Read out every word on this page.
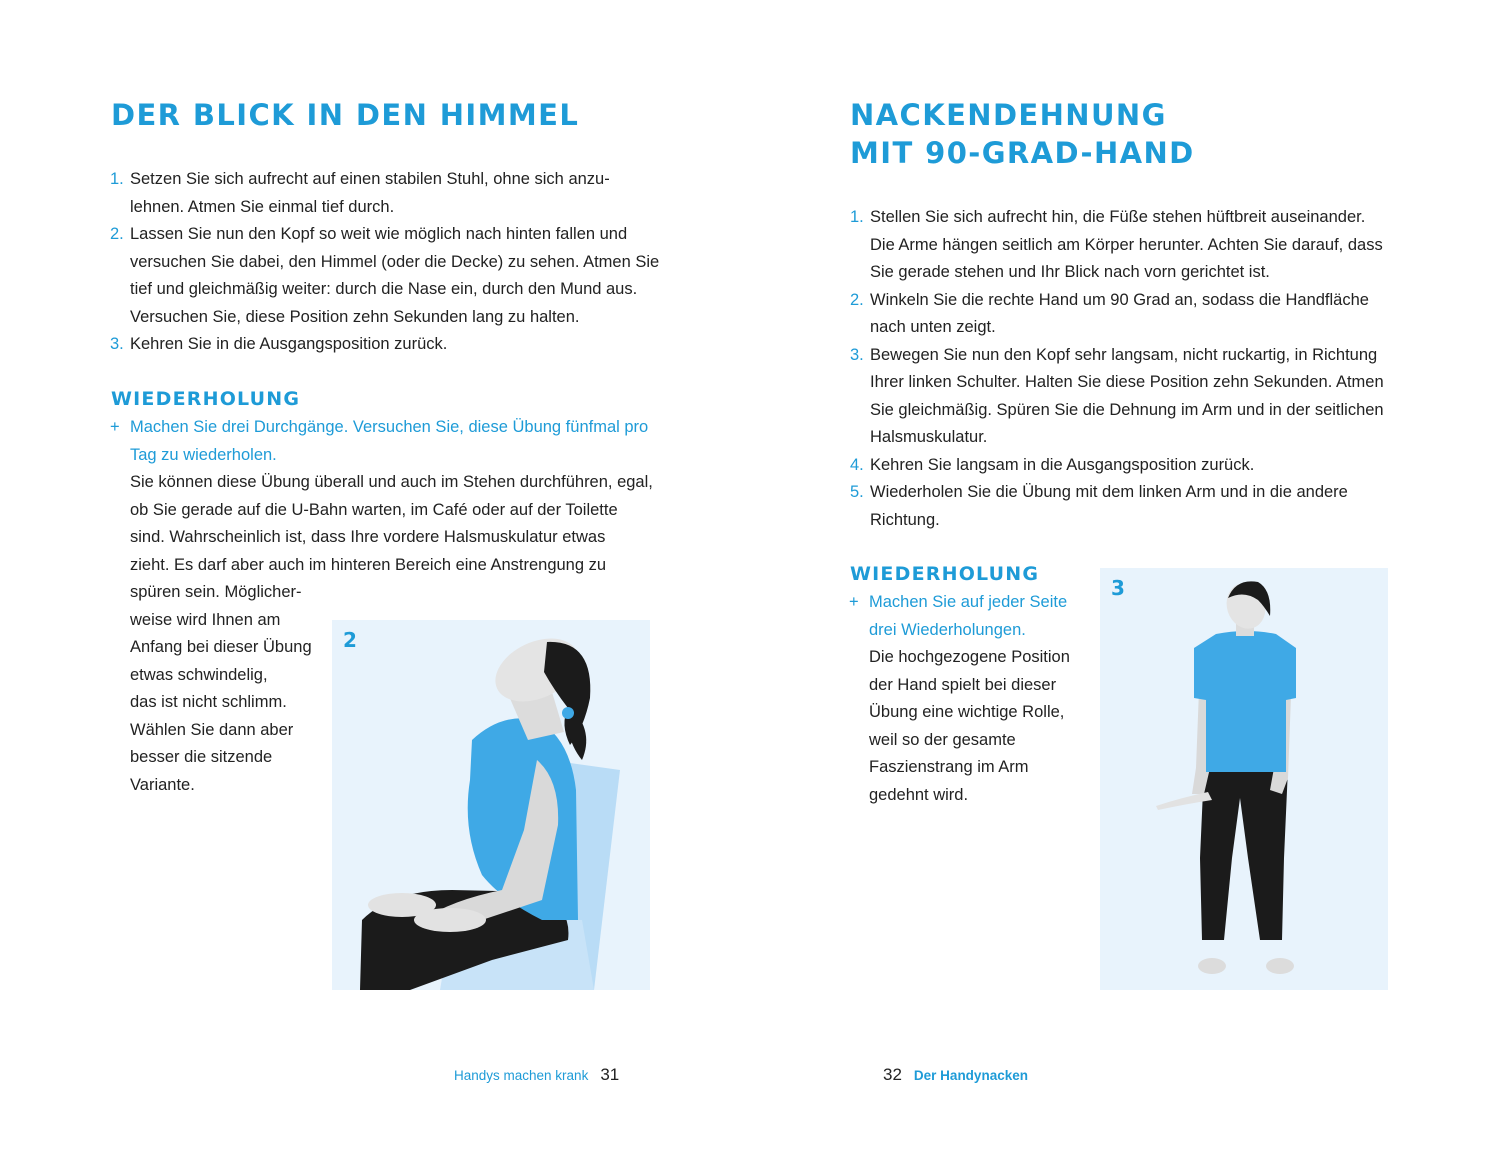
DER BLICK IN DEN HIMMEL
1. Setzen Sie sich aufrecht auf einen stabilen Stuhl, ohne sich anzu-
lehnen. Atmen Sie einmal tief durch.
2. Lassen Sie nun den Kopf so weit wie möglich nach hinten fallen und
versuchen Sie dabei, den Himmel (oder die Decke) zu sehen. Atmen Sie
tief und gleichmäßig weiter: durch die Nase ein, durch den Mund aus.
Versuchen Sie, diese Position zehn Sekunden lang zu halten.
3. Kehren Sie in die Ausgangsposition zurück.
WIEDERHOLUNG
+ Machen Sie drei Durchgänge. Versuchen Sie, diese Übung fünfmal pro
Tag zu wiederholen.
Sie können diese Übung überall und auch im Stehen durchführen, egal,
ob Sie gerade auf die U-Bahn warten, im Café oder auf der Toilette
sind. Wahrscheinlich ist, dass Ihre vordere Halsmuskulatur etwas
zieht. Es darf aber auch im hinteren Bereich eine Anstrengung zu
spüren sein. Möglicher-
weise wird Ihnen am
Anfang bei dieser Übung
etwas schwindelig,
das ist nicht schlimm.
Wählen Sie dann aber
besser die sitzende
Variante.
2
Handys machen krank 31
NACKENDEHNUNG
MIT 90-GRAD-HAND
1. Stellen Sie sich aufrecht hin, die Füße stehen hüftbreit auseinander.
Die Arme hängen seitlich am Körper herunter. Achten Sie darauf, dass
Sie gerade stehen und Ihr Blick nach vorn gerichtet ist.
2. Winkeln Sie die rechte Hand um 90 Grad an, sodass die Handfläche
nach unten zeigt.
3. Bewegen Sie nun den Kopf sehr langsam, nicht ruckartig, in Richtung
Ihrer linken Schulter. Halten Sie diese Position zehn Sekunden. Atmen
Sie gleichmäßig. Spüren Sie die Dehnung im Arm und in der seitlichen
Halsmuskulatur.
4. Kehren Sie langsam in die Ausgangsposition zurück.
5. Wiederholen Sie die Übung mit dem linken Arm und in die andere
Richtung.
WIEDERHOLUNG
+ Machen Sie auf jeder Seite
drei Wiederholungen.
Die hochgezogene Position
der Hand spielt bei dieser
Übung eine wichtige Rolle,
weil so der gesamte
Faszienstrang im Arm
gedehnt wird.
3
32 Der Handynacken
